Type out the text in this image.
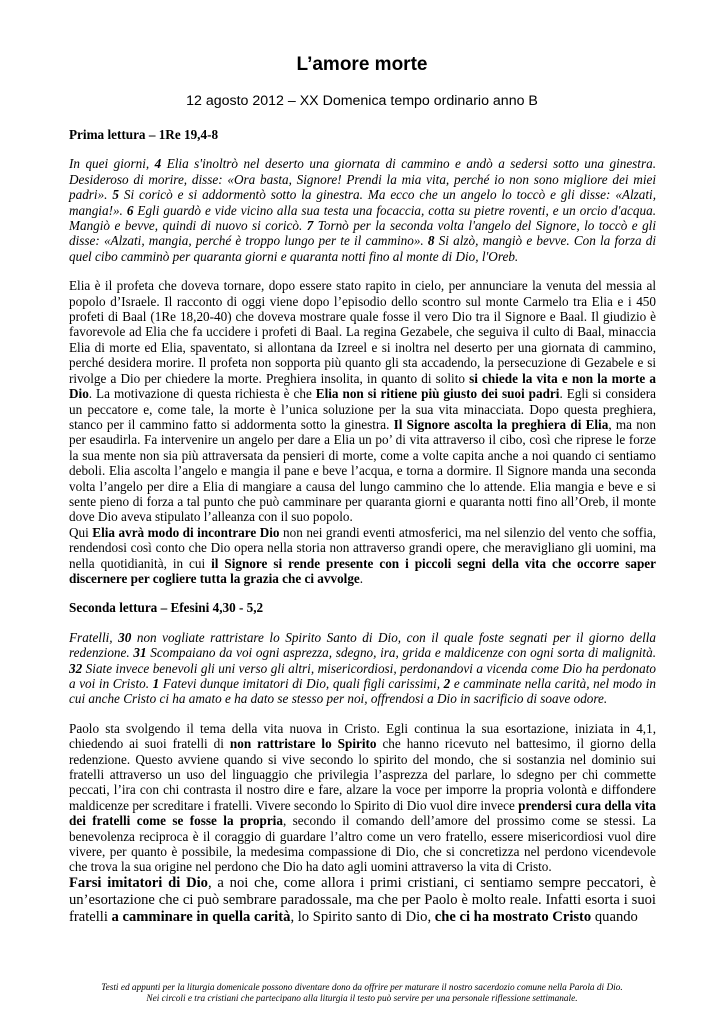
L’amore morte
12 agosto 2012 – XX Domenica tempo ordinario anno B

Prima lettura – 1Re 19,4-8

In quei giorni, 4 Elia s'inoltrò nel deserto una giornata di cammino e andò a sedersi sotto una ginestra. Desideroso di morire, disse: «Ora basta, Signore! Prendi la mia vita, perché io non sono migliore dei miei padri». 5 Si coricò e si addormentò sotto la ginestra. Ma ecco che un angelo lo toccò e gli disse: «Alzati, mangia!». 6 Egli guardò e vide vicino alla sua testa una focaccia, cotta su pietre roventi, e un orcio d'acqua. Mangiò e bevve, quindi di nuovo si coricò. 7 Tornò per la seconda volta l'angelo del Signore, lo toccò e gli disse: «Alzati, mangia, perché è troppo lungo per te il cammino». 8 Si alzò, mangiò e bevve. Con la forza di quel cibo camminò per quaranta giorni e quaranta notti fino al monte di Dio, l'Oreb.

Elia è il profeta che doveva tornare, dopo essere stato rapito in cielo, per annunciare la venuta del messia al popolo d’Israele. Il racconto di oggi viene dopo l’episodio dello scontro sul monte Carmelo tra Elia e i 450 profeti di Baal (1Re 18,20-40) che doveva mostrare quale fosse il vero Dio tra il Signore e Baal. Il giudizio è favorevole ad Elia che fa uccidere i profeti di Baal. La regina Gezabele, che seguiva il culto di Baal, minaccia Elia di morte ed Elia, spaventato, si allontana da Izreel e si inoltra nel deserto per una giornata di cammino, perché desidera morire. Il profeta non sopporta più quanto gli sta accadendo, la persecuzione di Gezabele e si rivolge a Dio per chiedere la morte. Preghiera insolita, in quanto di solito si chiede la vita e non la morte a Dio. La motivazione di questa richiesta è che Elia non si ritiene più giusto dei suoi padri. Egli si considera un peccatore e, come tale, la morte è l’unica soluzione per la sua vita minacciata. Dopo questa preghiera, stanco per il cammino fatto si addormenta sotto la ginestra. Il Signore ascolta la preghiera di Elia, ma non per esaudirla. Fa intervenire un angelo per dare a Elia un po’ di vita attraverso il cibo, così che riprese le forze la sua mente non sia più attraversata da pensieri di morte, come a volte capita anche a noi quando ci sentiamo deboli. Elia ascolta l’angelo e mangia il pane e beve l’acqua, e torna a dormire. Il Signore manda una seconda volta l’angelo per dire a Elia di mangiare a causa del lungo cammino che lo attende. Elia mangia e beve e si sente pieno di forza a tal punto che può camminare per quaranta giorni e quaranta notti fino all’Oreb, il monte dove Dio aveva stipulato l’alleanza con il suo popolo.

Qui Elia avrà modo di incontrare Dio non nei grandi eventi atmosferici, ma nel silenzio del vento che soffia, rendendosi così conto che Dio opera nella storia non attraverso grandi opere, che meravigliano gli uomini, ma nella quotidianità, in cui il Signore si rende presente con i piccoli segni della vita che occorre saper discernere per cogliere tutta la grazia che ci avvolge.

Seconda lettura – Efesini 4,30 - 5,2

Fratelli, 30 non vogliate rattristare lo Spirito Santo di Dio, con il quale foste segnati per il giorno della redenzione. 31 Scompaiano da voi ogni asprezza, sdegno, ira, grida e maldicenze con ogni sorta di malignità. 32 Siate invece benevoli gli uni verso gli altri, misericordiosi, perdonandovi a vicenda come Dio ha perdonato a voi in Cristo. 1 Fatevi dunque imitatori di Dio, quali figli carissimi, 2 e camminate nella carità, nel modo in cui anche Cristo ci ha amato e ha dato se stesso per noi, offrendosi a Dio in sacrificio di soave odore.

Paolo sta svolgendo il tema della vita nuova in Cristo. Egli continua la sua esortazione, iniziata in 4,1, chiedendo ai suoi fratelli di non rattristare lo Spirito che hanno ricevuto nel battesimo, il giorno della redenzione. Questo avviene quando si vive secondo lo spirito del mondo, che si sostanzia nel dominio sui fratelli attraverso un uso del linguaggio che privilegia l’asprezza del parlare, lo sdegno per chi commette peccati, l’ira con chi contrasta il nostro dire e fare, alzare la voce per imporre la propria volontà e diffondere maldicenze per screditare i fratelli. Vivere secondo lo Spirito di Dio vuol dire invece prendersi cura della vita dei fratelli come se fosse la propria, secondo il comando dell’amore del prossimo come se stessi. La benevolenza reciproca è il coraggio di guardare l’altro come un vero fratello, essere misericordiosi vuol dire vivere, per quanto è possibile, la medesima compassione di Dio, che si concretizza nel perdono vicendevole che trova la sua origine nel perdono che Dio ha dato agli uomini attraverso la vita di Cristo.

Farsi imitatori di Dio, a noi che, come allora i primi cristiani, ci sentiamo sempre peccatori, è un’esortazione che ci può sembrare paradossale, ma che per Paolo è molto reale. Infatti esorta i suoi fratelli a camminare in quella carità, lo Spirito santo di Dio, che ci ha mostrato Cristo quando

Testi ed appunti per la liturgia domenicale possono diventare dono da offrire per maturare il nostro sacerdozio comune nella Parola di Dio.
Nei circoli e tra cristiani che partecipano alla liturgia il testo può servire per una personale riflessione settimanale.
